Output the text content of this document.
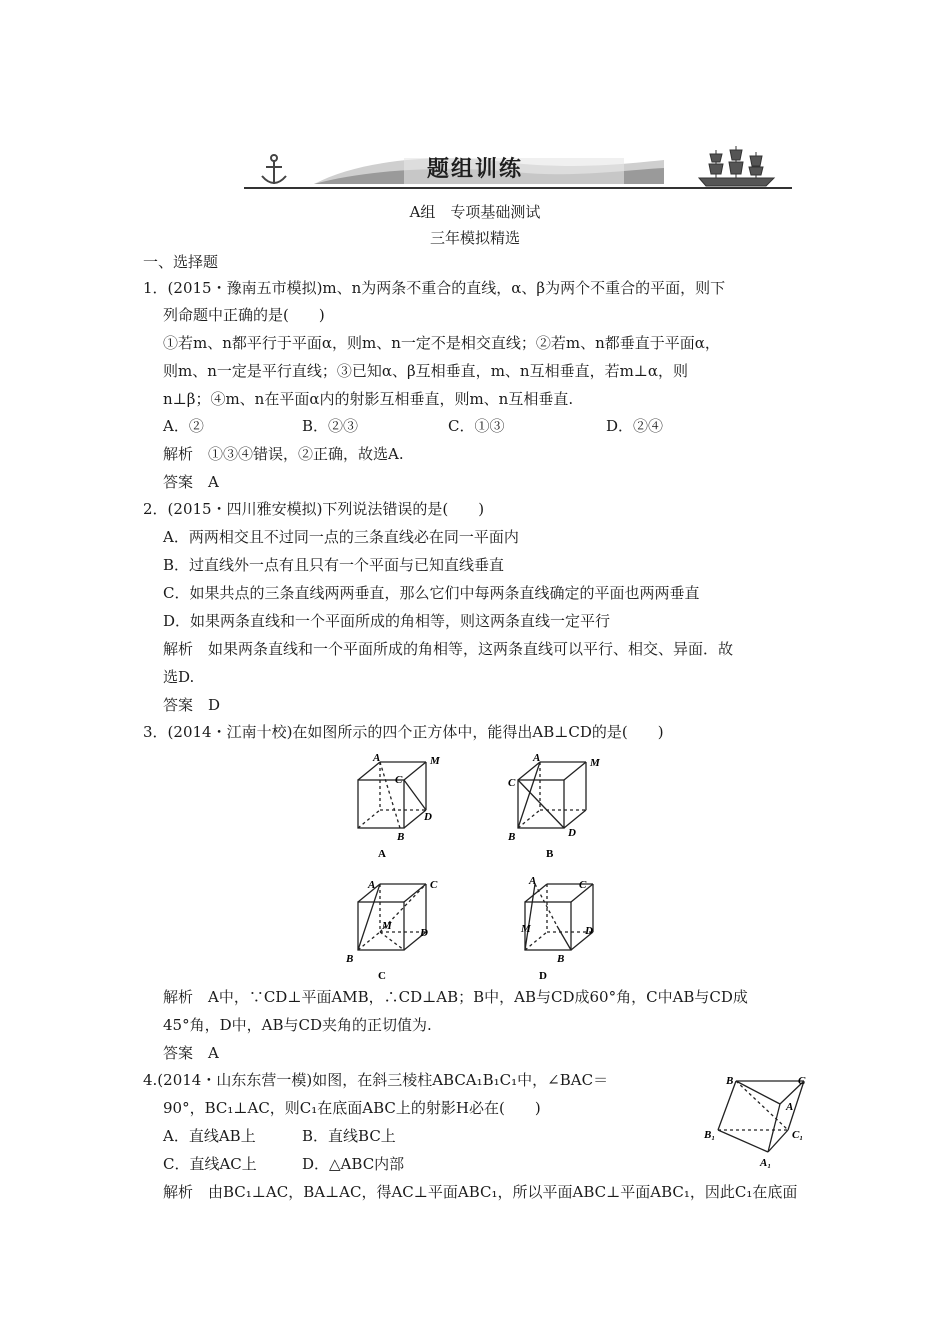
题组训练
A组　专项基础测试
三年模拟精选
一、选择题
1．(2015・豫南五市模拟)m、n为两条不重合的直线，α、β为两个不重合的平面，则下
列命题中正确的是(　　)
①若m、n都平行于平面α，则m、n一定不是相交直线；②若m、n都垂直于平面α，
则m、n一定是平行直线；③已知α、β互相垂直，m、n互相垂直，若m⊥α，则
n⊥β；④m、n在平面α内的射影互相垂直，则m、n互相垂直.
A．②	B．②③	C．①③	D．②④
解析　①③④错误，②正确，故选A.
答案　A
2．(2015・四川雅安模拟)下列说法错误的是(　　)
A．两两相交且不过同一点的三条直线必在同一平面内
B．过直线外一点有且只有一个平面与已知直线垂直
C．如果共点的三条直线两两垂直，那么它们中每两条直线确定的平面也两两垂直
D．如果两条直线和一个平面所成的角相等，则这两条直线一定平行
解析　如果两条直线和一个平面所成的角相等，这两条直线可以平行、相交、异面．故
选D.
答案　D
3．(2014・江南十校)在如图所示的四个正方体中，能得出AB⊥CD的是(　　)
A	M
C
D
B
A
A	M
C
D
B
B
A	C
M
D
B
C
A	C
M	D
B
D
解析　A中，∵CD⊥平面AMB，∴CD⊥AB；B中，AB与CD成60°角，C中AB与CD成
45°角，D中，AB与CD夹角的正切值为.
答案　A
4.(2014・山东东营一模)如图，在斜三棱柱ABCA₁B₁C₁中，∠BAC＝
90°，BC₁⊥AC，则C₁在底面ABC上的射影H必在(　　)
A．直线AB上	B．直线BC上
C．直线AC上	D．△ABC内部
解析　由BC₁⊥AC，BA⊥AC，得AC⊥平面ABC₁，所以平面ABC⊥平面ABC₁，因此C₁在底面
B	C
A
B₁	C₁
A₁
